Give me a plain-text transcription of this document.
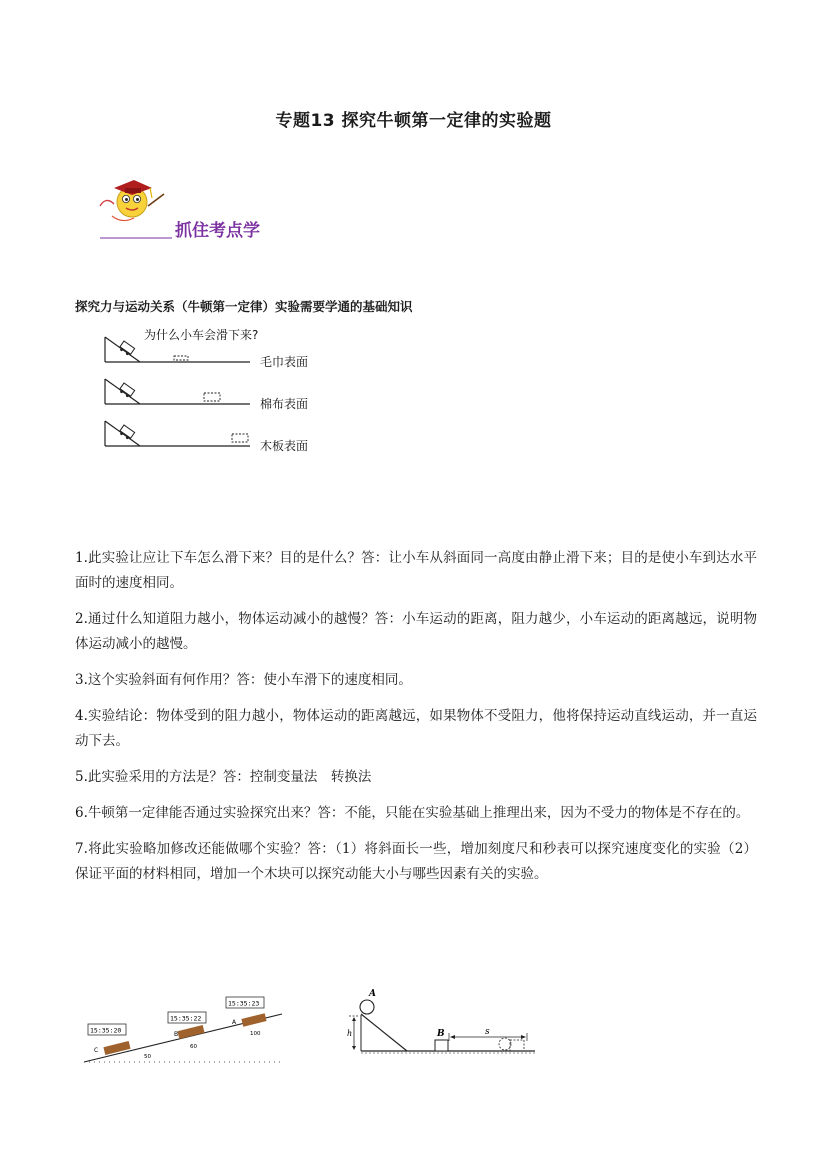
专题13 探究牛顿第一定律的实验题
抓住考点学
探究力与运动关系（牛顿第一定律）实验需要学通的基础知识
为什么小车会滑下来?
毛巾表面
棉布表面
木板表面

1.此实验让应让下车怎么滑下来？目的是什么？答：让小车从斜面同一高度由静止滑下来；目的是使小车到达水平面时的速度相同。

2.通过什么知道阻力越小，物体运动减小的越慢？答：小车运动的距离，阻力越少，小车运动的距离越远，说明物体运动减小的越慢。

3.这个实验斜面有何作用？答：使小车滑下的速度相同。

4.实验结论：物体受到的阻力越小，物体运动的距离越远，如果物体不受阻力，他将保持运动直线运动，并一直运动下去。

5.此实验采用的方法是？答：控制变量法　转换法

6.牛顿第一定律能否通过实验探究出来？答：不能，只能在实验基础上推理出来，因为不受力的物体是不存在的。

7.将此实验略加修改还能做哪个实验？答：（1）将斜面长一些，增加刻度尺和秒表可以探究速度变化的实验（2）保证平面的材料相同，增加一个木块可以探究动能大小与哪些因素有关的实验。

15:35:20
15:35:22
15:35:23
C
B
A
50
60
100
A
h	B	s
